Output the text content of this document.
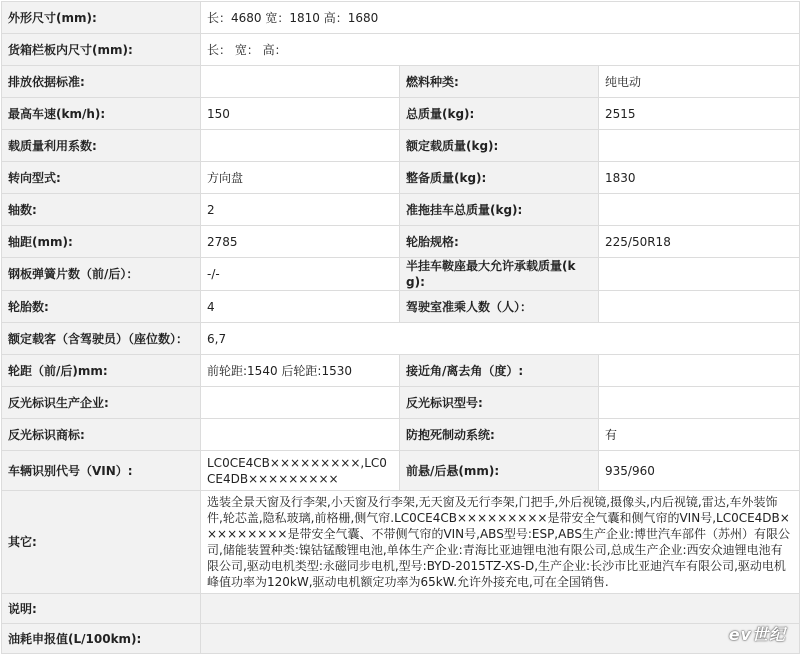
外形尺寸(mm):	长：4680 宽：1810 高：1680		
货箱栏板内尺寸(mm):	长： 宽： 高：		
排放依据标准:		燃料种类:	纯电动
最高车速(km/h):	150	总质量(kg):	2515
载质量利用系数:		额定载质量(kg):	
转向型式:	方向盘	整备质量(kg):	1830
轴数:	2	准拖挂车总质量(kg):	
轴距(mm):	2785	轮胎规格:	225/50R18
钢板弹簧片数（前/后）：	-/-	半挂车鞍座最大允许承载质量(kg):	
轮胎数:	4	驾驶室准乘人数（人）：	
额定载客（含驾驶员）（座位数）：	6,7		
轮距（前/后)mm:	前轮距:1540 后轮距:1530	接近角/离去角（度）:	
反光标识生产企业:		反光标识型号:	
反光标识商标:		防抱死制动系统:	有
车辆识别代号（VIN）:	LC0CE4CB×××××××××,LC0CE4DB×××××××××	前悬/后悬(mm):	935/960
其它:	选装全景天窗及行李架,小天窗及行李架,无天窗及无行李架,门把手,外后视镜,摄像头,内后视镜,雷达,车外装饰件,轮芯盖,隐私玻璃,前格栅,侧气帘.LC0CE4CB×××××××××是带安全气囊和侧气帘的VIN号,LC0CE4DB×××××××××是带安全气囊、不带侧气帘的VIN号,ABS型号:ESP,ABS生产企业:博世汽车部件（苏州）有限公司,储能装置种类:镍钴锰酸锂电池,单体生产企业:青海比亚迪锂电池有限公司,总成生产企业:西安众迪锂电池有限公司,驱动电机类型:永磁同步电机,型号:BYD-2015TZ-XS-D,生产企业:长沙市比亚迪汽车有限公司,驱动电机峰值功率为120kW,驱动电机额定功率为65kW.允许外接充电,可在全国销售.		
说明:			
油耗申报值(L/100km):				ev世纪
